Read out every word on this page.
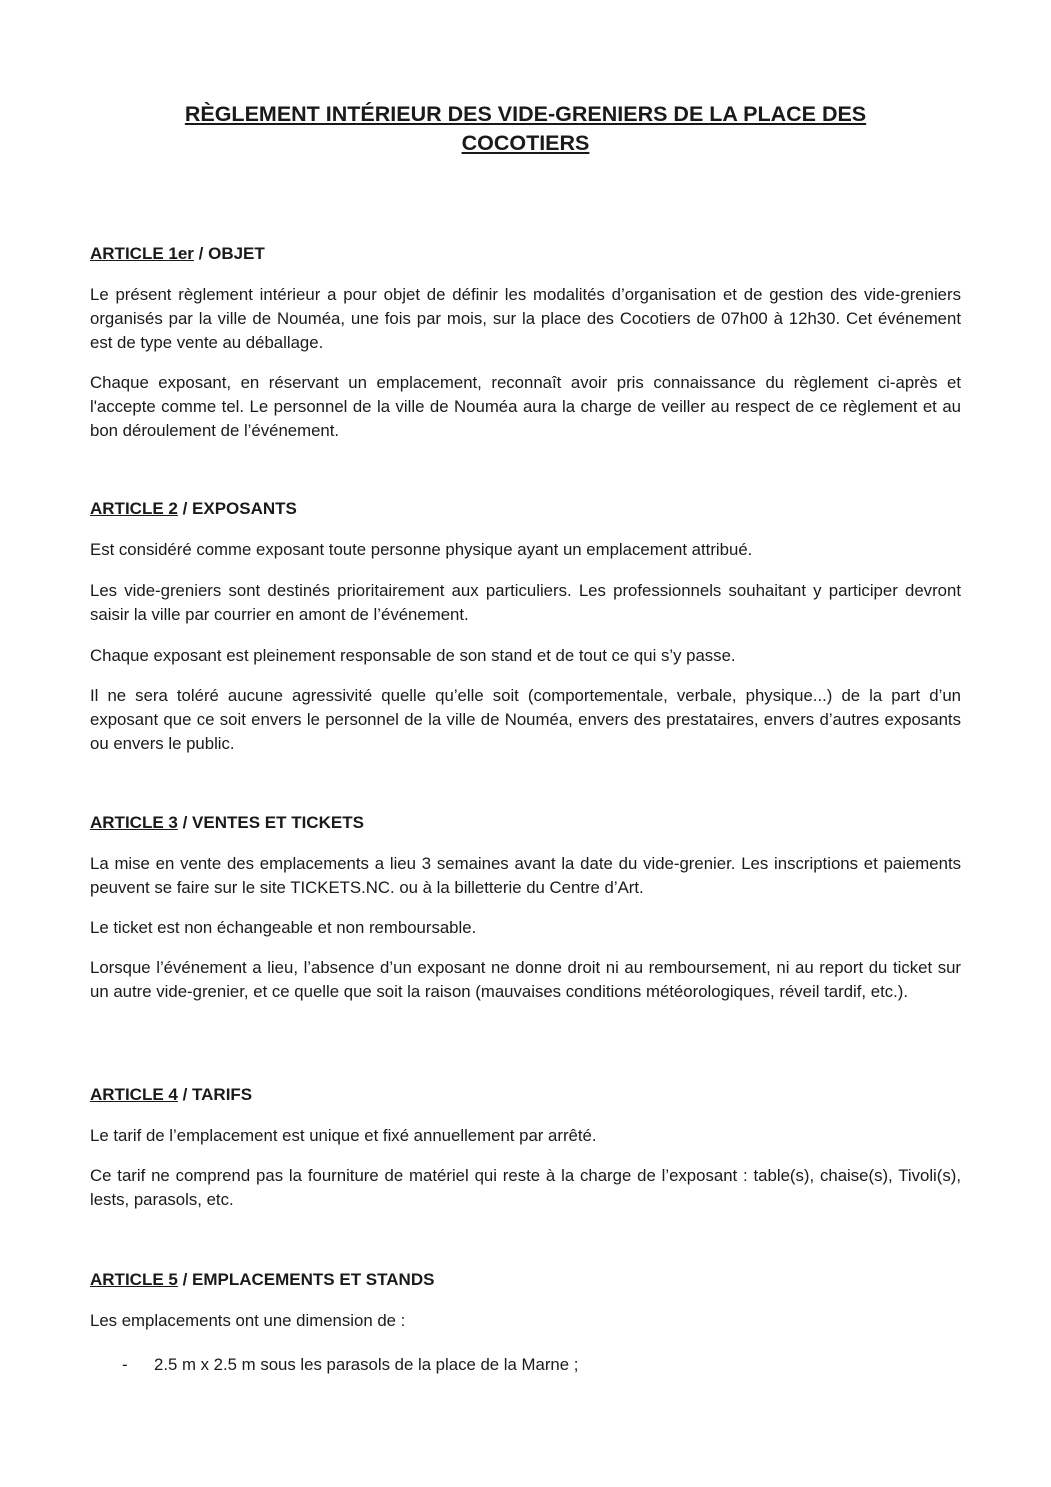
RÈGLEMENT INTÉRIEUR DES VIDE-GRENIERS DE LA PLACE DES COCOTIERS

ARTICLE 1er / OBJET

Le présent règlement intérieur a pour objet de définir les modalités d’organisation et de gestion des vide-greniers organisés par la ville de Nouméa, une fois par mois, sur la place des Cocotiers de 07h00 à 12h30. Cet événement est de type vente au déballage.

Chaque exposant, en réservant un emplacement, reconnaît avoir pris connaissance du règlement ci-après et l'accepte comme tel. Le personnel de la ville de Nouméa aura la charge de veiller au respect de ce règlement et au bon déroulement de l’événement.

ARTICLE 2 / EXPOSANTS

Est considéré comme exposant toute personne physique ayant un emplacement attribué.

Les vide-greniers sont destinés prioritairement aux particuliers. Les professionnels souhaitant y participer devront saisir la ville par courrier en amont de l’événement.

Chaque exposant est pleinement responsable de son stand et de tout ce qui s’y passe.

Il ne sera toléré aucune agressivité quelle qu’elle soit (comportementale, verbale, physique...) de la part d’un exposant que ce soit envers le personnel de la ville de Nouméa, envers des prestataires, envers d’autres exposants ou envers le public.

ARTICLE 3 / VENTES ET TICKETS

La mise en vente des emplacements a lieu 3 semaines avant la date du vide-grenier. Les inscriptions et paiements peuvent se faire sur le site TICKETS.NC. ou à la billetterie du Centre d’Art.

Le ticket est non échangeable et non remboursable.

Lorsque l’événement a lieu, l’absence d’un exposant ne donne droit ni au remboursement, ni au report du ticket sur un autre vide-grenier, et ce quelle que soit la raison (mauvaises conditions météorologiques, réveil tardif, etc.).

ARTICLE 4 / TARIFS

Le tarif de l’emplacement est unique et fixé annuellement par arrêté.

Ce tarif ne comprend pas la fourniture de matériel qui reste à la charge de l’exposant : table(s), chaise(s), Tivoli(s), lests, parasols, etc.

ARTICLE 5 / EMPLACEMENTS ET STANDS

Les emplacements ont une dimension de :

- 2.5 m x 2.5 m sous les parasols de la place de la Marne ;
